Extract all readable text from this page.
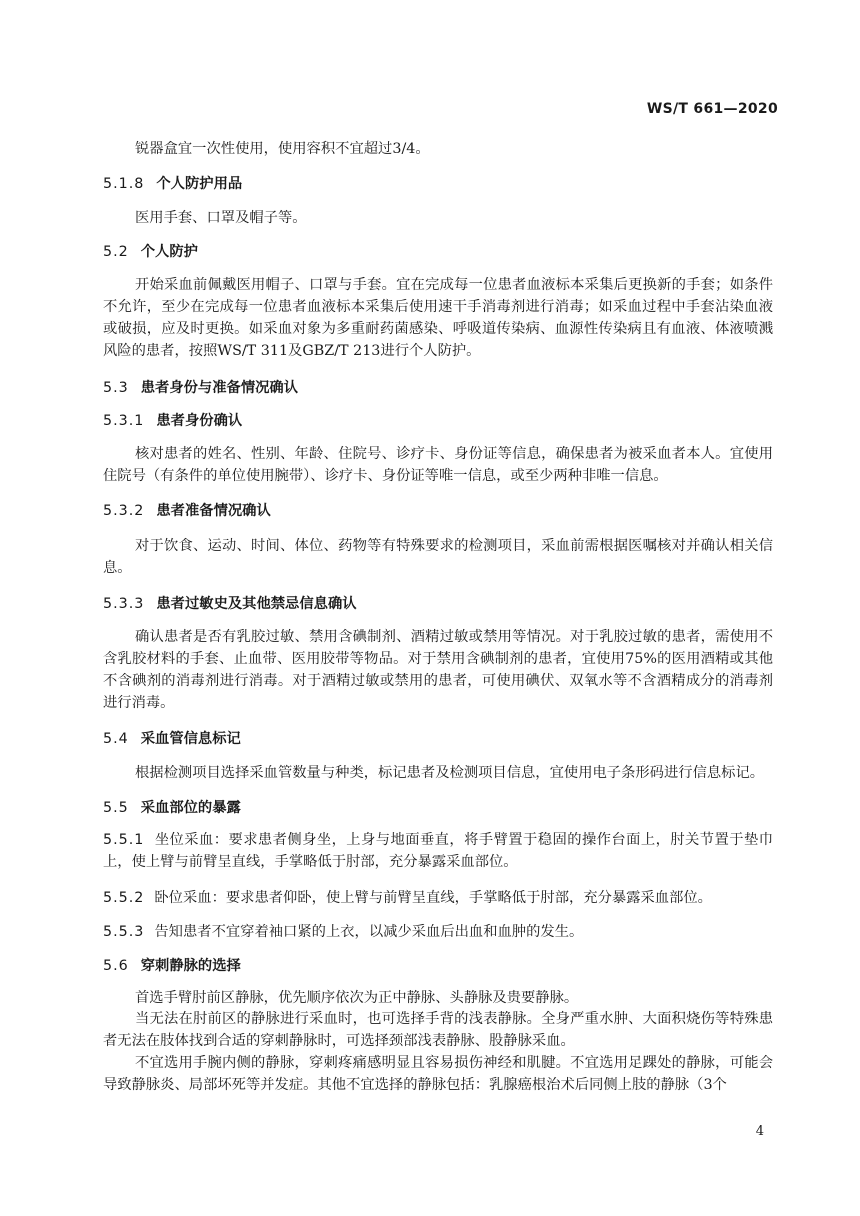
WS/T 661—2020
锐器盒宜一次性使用，使用容积不宜超过3/4。
5.1.8 个人防护用品
医用手套、口罩及帽子等。
5.2 个人防护
开始采血前佩戴医用帽子、口罩与手套。宜在完成每一位患者血液标本采集后更换新的手套；如条件不允许，至少在完成每一位患者血液标本采集后使用速干手消毒剂进行消毒；如采血过程中手套沾染血液或破损，应及时更换。如采血对象为多重耐药菌感染、呼吸道传染病、血源性传染病且有血液、体液喷溅风险的患者，按照WS/T 311及GBZ/T 213进行个人防护。
5.3 患者身份与准备情况确认
5.3.1 患者身份确认
核对患者的姓名、性别、年龄、住院号、诊疗卡、身份证等信息，确保患者为被采血者本人。宜使用住院号（有条件的单位使用腕带）、诊疗卡、身份证等唯一信息，或至少两种非唯一信息。
5.3.2 患者准备情况确认
对于饮食、运动、时间、体位、药物等有特殊要求的检测项目，采血前需根据医嘱核对并确认相关信息。
5.3.3 患者过敏史及其他禁忌信息确认
确认患者是否有乳胶过敏、禁用含碘制剂、酒精过敏或禁用等情况。对于乳胶过敏的患者，需使用不含乳胶材料的手套、止血带、医用胶带等物品。对于禁用含碘制剂的患者，宜使用75%的医用酒精或其他不含碘剂的消毒剂进行消毒。对于酒精过敏或禁用的患者，可使用碘伏、双氧水等不含酒精成分的消毒剂进行消毒。
5.4 采血管信息标记
根据检测项目选择采血管数量与种类，标记患者及检测项目信息，宜使用电子条形码进行信息标记。
5.5 采血部位的暴露
5.5.1 坐位采血：要求患者侧身坐，上身与地面垂直，将手臂置于稳固的操作台面上，肘关节置于垫巾上，使上臂与前臂呈直线，手掌略低于肘部，充分暴露采血部位。
5.5.2 卧位采血：要求患者仰卧，使上臂与前臂呈直线，手掌略低于肘部，充分暴露采血部位。
5.5.3 告知患者不宜穿着袖口紧的上衣，以减少采血后出血和血肿的发生。
5.6 穿刺静脉的选择
首选手臂肘前区静脉，优先顺序依次为正中静脉、头静脉及贵要静脉。
当无法在肘前区的静脉进行采血时，也可选择手背的浅表静脉。全身严重水肿、大面积烧伤等特殊患者无法在肢体找到合适的穿刺静脉时，可选择颈部浅表静脉、股静脉采血。
不宜选用手腕内侧的静脉，穿刺疼痛感明显且容易损伤神经和肌腱。不宜选用足踝处的静脉，可能会导致静脉炎、局部坏死等并发症。其他不宜选择的静脉包括：乳腺癌根治术后同侧上肢的静脉（3个
4
